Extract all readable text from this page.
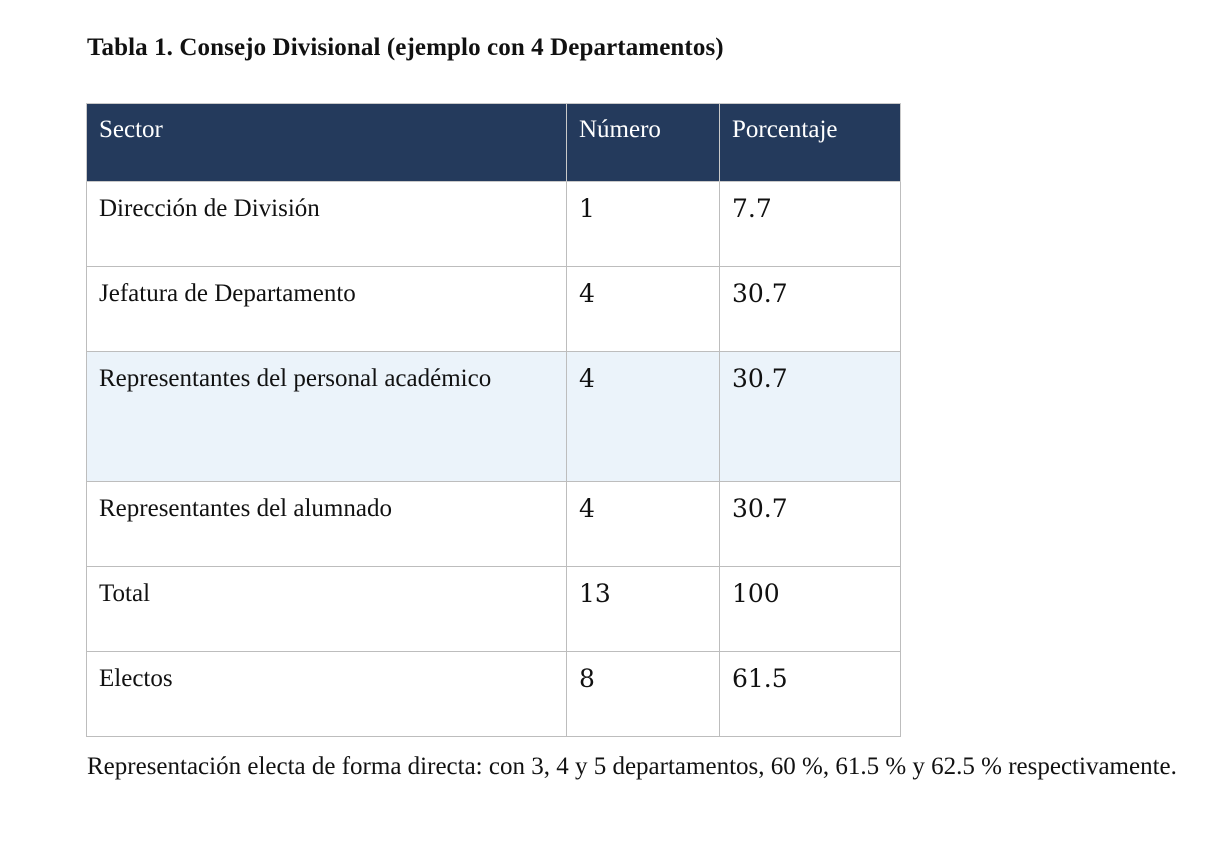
Tabla 1. Consejo Divisional (ejemplo con 4 Departamentos)
Sector	Número	Porcentaje
Dirección de División	1	7.7
Jefatura de Departamento	4	30.7
Representantes del personal académico	4	30.7
Representantes del alumnado	4	30.7
Total	13	100
Electos	8	61.5
Representación electa de forma directa: con 3, 4 y 5 departamentos, 60 %, 61.5 % y 62.5 % respectivamente.
